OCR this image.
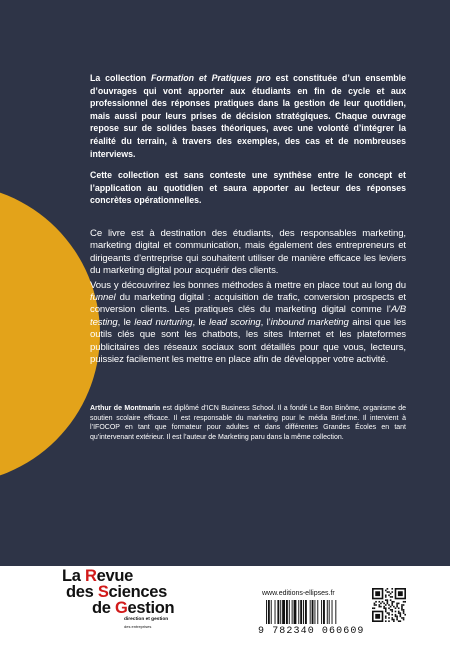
La collection Formation et Pratiques pro est constituée d’un ensemble d’ouvrages qui vont apporter aux étudiants en fin de cycle et aux professionnel des réponses pratiques dans la gestion de leur quotidien, mais aussi pour leurs prises de décision stratégiques. Chaque ouvrage repose sur de solides bases théoriques, avec une volonté d’intégrer la réalité du terrain, à travers des exemples, des cas et de nombreuses interviews.

Cette collection est sans conteste une synthèse entre le concept et l’application au quotidien et saura apporter au lecteur des réponses concrètes opérationnelles.

Ce livre est à destination des étudiants, des responsables marketing, marketing digital et communication, mais également des entrepreneurs et dirigeants d’entreprise qui souhaitent utiliser de manière efficace les leviers du marketing digital pour acquérir des clients.

Vous y découvrirez les bonnes méthodes à mettre en place tout au long du funnel du marketing digital : acquisition de trafic, conversion prospects et conversion clients. Les pratiques clés du marketing digital comme l’A/B testing, le lead nurturing, le lead scoring, l’inbound marketing ainsi que les outils clés que sont les chatbots, les sites Internet et les plateformes publicitaires des réseaux sociaux sont détaillés pour que vous, lecteurs, puissiez facilement les mettre en place afin de développer votre activité.

Arthur de Montmarin est diplômé d’ICN Business School. Il a fondé Le Bon Binôme, organisme de soutien scolaire efficace. Il est responsable du marketing pour le média Brief.me. Il intervient à l’IFOCOP en tant que formateur pour adultes et dans différentes Grandes Écoles en tant qu’intervenant extérieur. Il est l’auteur de Marketing paru dans la même collection.

La Revue
des Sciences
de Gestion
direction et gestion
des entreprises
www.editions-ellipses.fr
9 782340 060609
